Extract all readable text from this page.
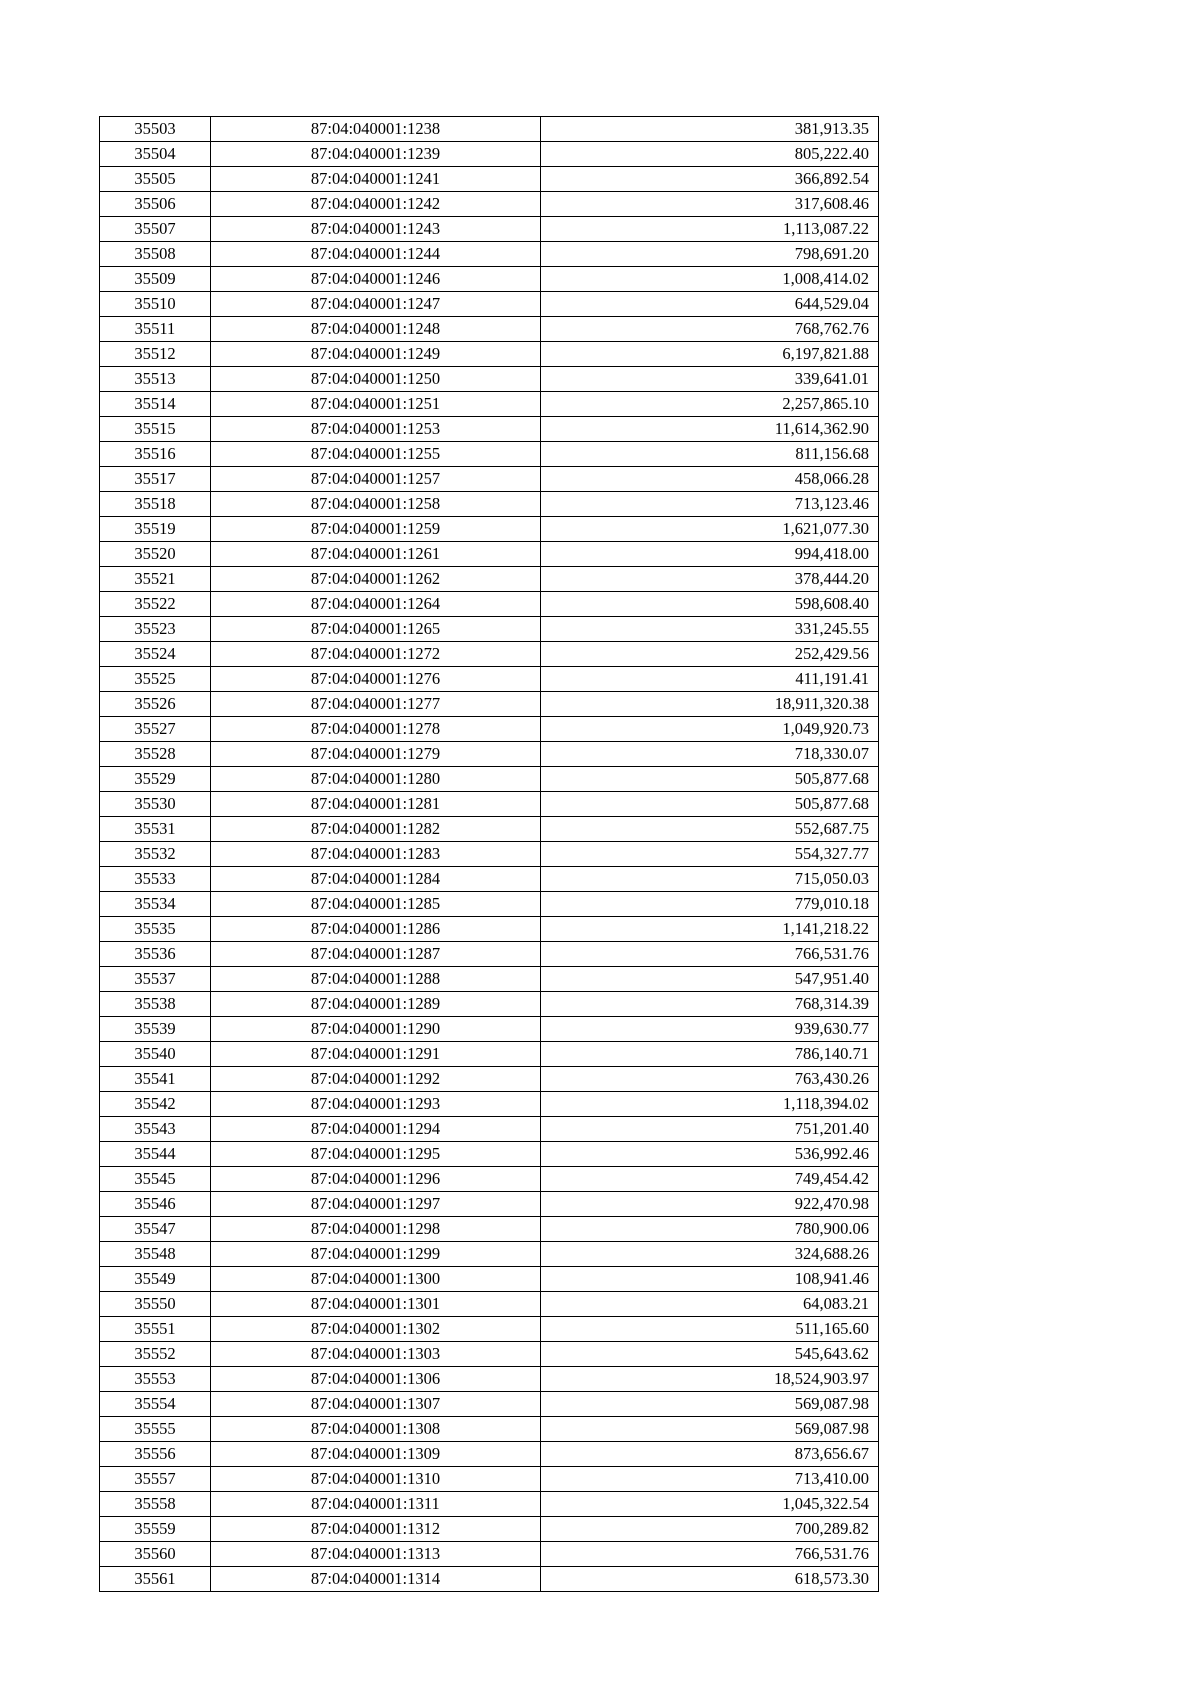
35503	87:04:040001:1238	381,913.35
35504	87:04:040001:1239	805,222.40
35505	87:04:040001:1241	366,892.54
35506	87:04:040001:1242	317,608.46
35507	87:04:040001:1243	1,113,087.22
35508	87:04:040001:1244	798,691.20
35509	87:04:040001:1246	1,008,414.02
35510	87:04:040001:1247	644,529.04
35511	87:04:040001:1248	768,762.76
35512	87:04:040001:1249	6,197,821.88
35513	87:04:040001:1250	339,641.01
35514	87:04:040001:1251	2,257,865.10
35515	87:04:040001:1253	11,614,362.90
35516	87:04:040001:1255	811,156.68
35517	87:04:040001:1257	458,066.28
35518	87:04:040001:1258	713,123.46
35519	87:04:040001:1259	1,621,077.30
35520	87:04:040001:1261	994,418.00
35521	87:04:040001:1262	378,444.20
35522	87:04:040001:1264	598,608.40
35523	87:04:040001:1265	331,245.55
35524	87:04:040001:1272	252,429.56
35525	87:04:040001:1276	411,191.41
35526	87:04:040001:1277	18,911,320.38
35527	87:04:040001:1278	1,049,920.73
35528	87:04:040001:1279	718,330.07
35529	87:04:040001:1280	505,877.68
35530	87:04:040001:1281	505,877.68
35531	87:04:040001:1282	552,687.75
35532	87:04:040001:1283	554,327.77
35533	87:04:040001:1284	715,050.03
35534	87:04:040001:1285	779,010.18
35535	87:04:040001:1286	1,141,218.22
35536	87:04:040001:1287	766,531.76
35537	87:04:040001:1288	547,951.40
35538	87:04:040001:1289	768,314.39
35539	87:04:040001:1290	939,630.77
35540	87:04:040001:1291	786,140.71
35541	87:04:040001:1292	763,430.26
35542	87:04:040001:1293	1,118,394.02
35543	87:04:040001:1294	751,201.40
35544	87:04:040001:1295	536,992.46
35545	87:04:040001:1296	749,454.42
35546	87:04:040001:1297	922,470.98
35547	87:04:040001:1298	780,900.06
35548	87:04:040001:1299	324,688.26
35549	87:04:040001:1300	108,941.46
35550	87:04:040001:1301	64,083.21
35551	87:04:040001:1302	511,165.60
35552	87:04:040001:1303	545,643.62
35553	87:04:040001:1306	18,524,903.97
35554	87:04:040001:1307	569,087.98
35555	87:04:040001:1308	569,087.98
35556	87:04:040001:1309	873,656.67
35557	87:04:040001:1310	713,410.00
35558	87:04:040001:1311	1,045,322.54
35559	87:04:040001:1312	700,289.82
35560	87:04:040001:1313	766,531.76
35561	87:04:040001:1314	618,573.30
